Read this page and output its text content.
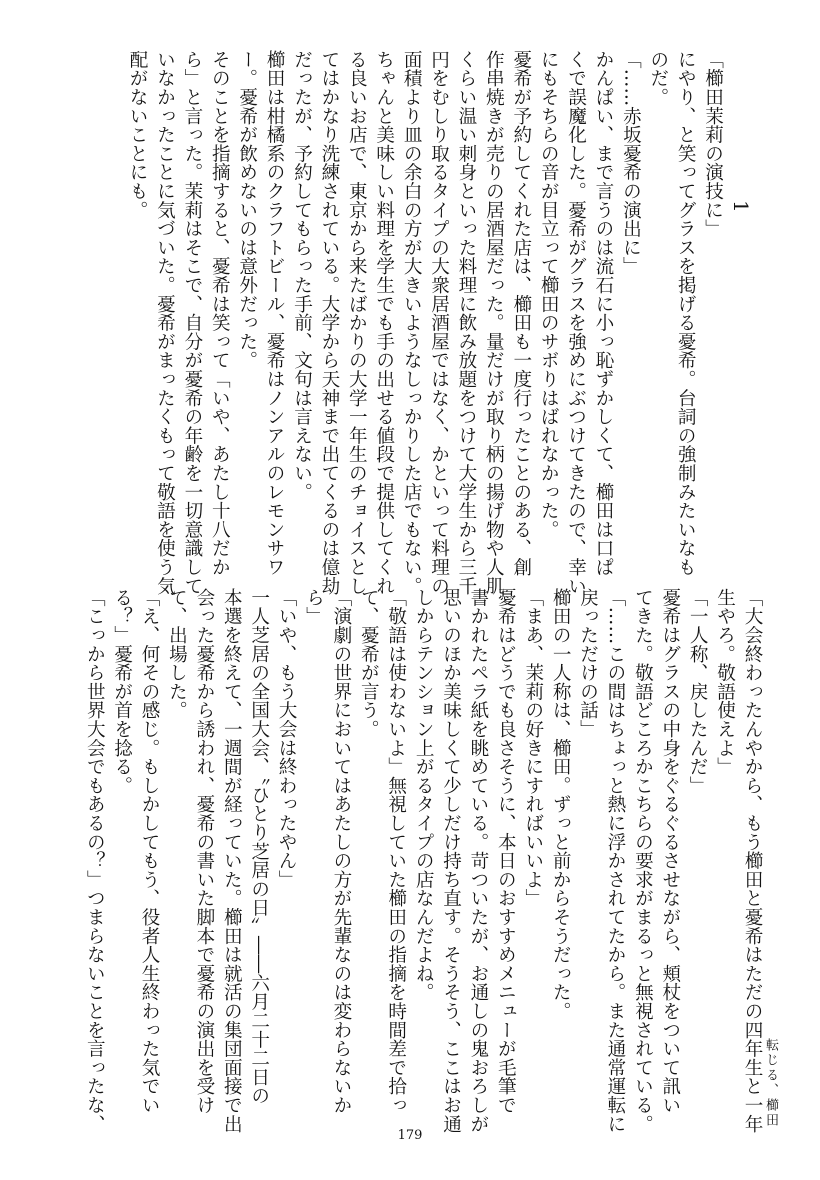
1
「櫛田茉莉の演技に」
にやり、と笑ってグラスを掲げる憂希。台詞の強制みたいなも
のだ。
「……赤坂憂希の演出に」
かんぱい、まで言うのは流石に小っ恥ずかしくて、櫛田は口ぱ
くで誤魔化した。憂希がグラスを強めにぶつけてきたので、幸い
にもそちらの音が目立って櫛田のサボりはばれなかった。
憂希が予約してくれた店は、櫛田も一度行ったことのある、創
作串焼きが売りの居酒屋だった。量だけが取り柄の揚げ物や人肌
くらい温い刺身といった料理に飲み放題をつけて大学生から三千
円をむしり取るタイプの大衆居酒屋ではなく、かといって料理の
面積より皿の余白の方が大きいようなしっかりした店でもない。
ちゃんと美味しい料理を学生でも手の出せる値段で提供してくれ
る良いお店で、東京から来たばかりの大学一年生のチョイスとし
てはかなり洗練されている。大学から天神まで出てくるのは億劫
だったが、予約してもらった手前、文句は言えない。
櫛田は柑橘系のクラフトビール、憂希はノンアルのレモンサワ
ー。憂希が飲めないのは意外だった。
そのことを指摘すると、憂希は笑って「いや、あたし十八だか
ら」と言った。茉莉はそこで、自分が憂希の年齢を一切意識して
いなかったことに気づいた。憂希がまったくもって敬語を使う気
配がないことにも。
「大会終わったんやから、もう櫛田と憂希はただの四年生と一年
生やろ。敬語使えよ」
「一人称、戻したんだ」
憂希はグラスの中身をぐるぐるさせながら、頬杖をついて訊い
てきた。敬語どころかこちらの要求がまるっと無視されている。
「……この間はちょっと熱に浮かされてたから。また通常運転に
戻っただけの話」
櫛田の一人称は、櫛田。ずっと前からそうだった。
「まあ、茉莉の好きにすればいいよ」
憂希はどうでも良さそうに、本日のおすすめメニューが毛筆で
書かれたペラ紙を眺めている。苛ついたが、お通しの鬼おろしが
思いのほか美味しくて少しだけ持ち直す。そうそう、ここはお通
しからテンション上がるタイプの店なんだよね。
「敬語は使わないよ」無視していた櫛田の指摘を時間差で拾っ
て、憂希が言う。
「演劇の世界においてはあたしの方が先輩なのは変わらないか
ら」
「いや、もう大会は終わったやん」
一人芝居の全国大会、〝ひとり芝居の日〟――六月二十二日の
本選を終えて、一週間が経っていた。櫛田は就活の集団面接で出
会った憂希から誘われ、憂希の書いた脚本で憂希の演出を受け
て、出場した。
「え、何その感じ。もしかしてもう、役者人生終わった気でい
る？」憂希が首を捻る。
「こっから世界大会でもあるの？」つまらないことを言ったな、	転じる、櫛田
179
